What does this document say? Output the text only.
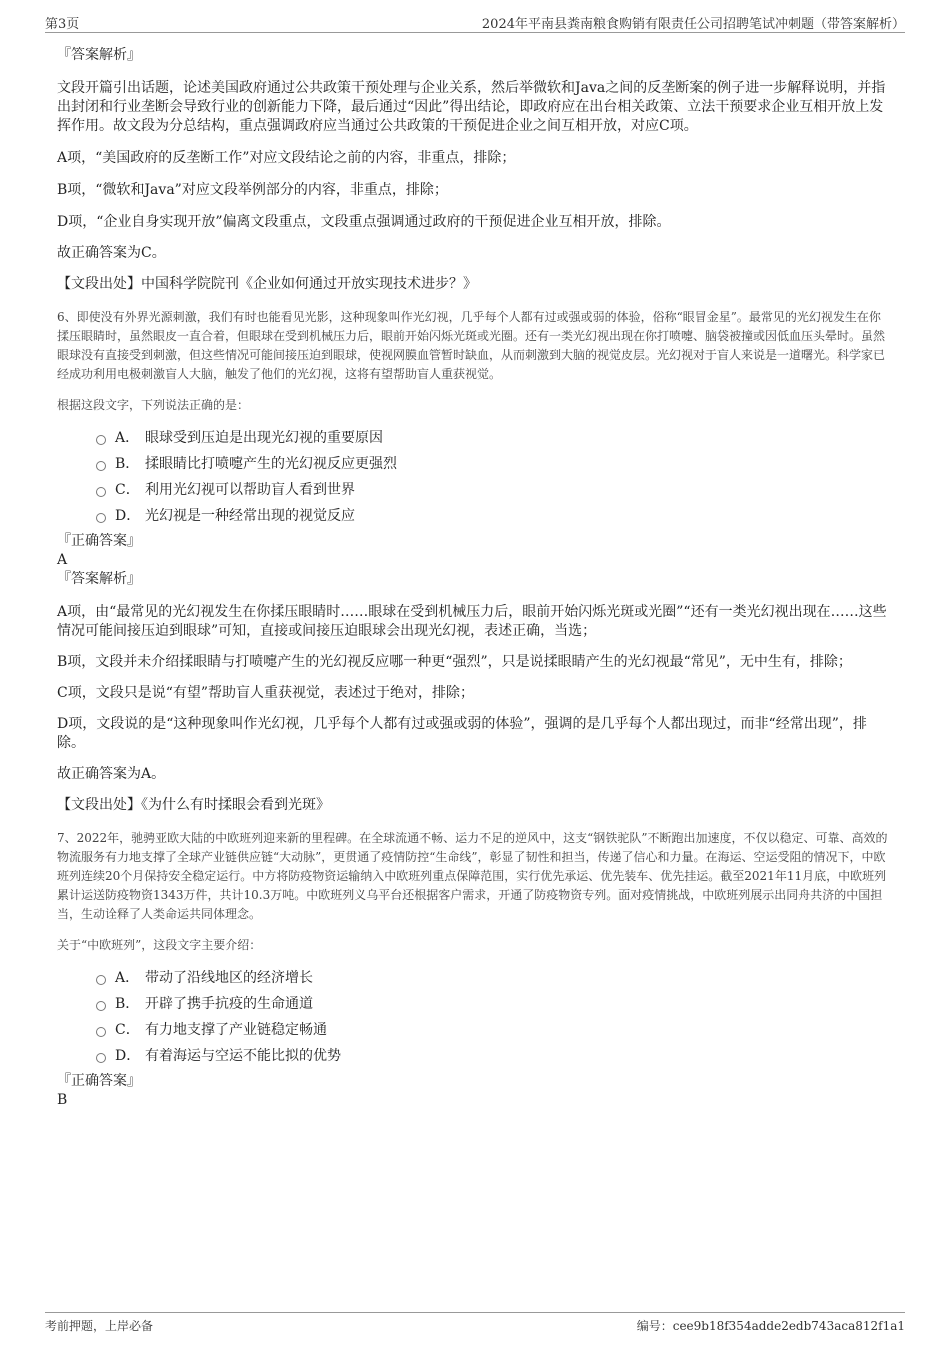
第3页	2024年平南县粪南粮食购销有限责任公司招聘笔试冲刺题（带答案解析）

『答案解析』

文段开篇引出话题，论述美国政府通过公共政策干预处理与企业关系，然后举微软和Java之间的反垄断案的例子进一步解释说明，并指出封闭和行业垄断会导致行业的创新能力下降，最后通过“因此”得出结论，即政府应在出台相关政策、立法干预要求企业互相开放上发挥作用。故文段为分总结构，重点强调政府应当通过公共政策的干预促进企业之间互相开放，对应C项。

A项，“美国政府的反垄断工作”对应文段结论之前的内容，非重点，排除；

B项，“微软和Java”对应文段举例部分的内容，非重点，排除；

D项，“企业自身实现开放”偏离文段重点，文段重点强调通过政府的干预促进企业互相开放，排除。

故正确答案为C。

【文段出处】中国科学院院刊《企业如何通过开放实现技术进步？》

6、即使没有外界光源刺激，我们有时也能看见光影，这种现象叫作光幻视，几乎每个人都有过或强或弱的体验，俗称“眼冒金星”。最常见的光幻视发生在你揉压眼睛时，虽然眼皮一直合着，但眼球在受到机械压力后，眼前开始闪烁光斑或光圈。还有一类光幻视出现在你打喷嚏、脑袋被撞或因低血压头晕时。虽然眼球没有直接受到刺激，但这些情况可能间接压迫到眼球，使视网膜血管暂时缺血，从而刺激到大脑的视觉皮层。光幻视对于盲人来说是一道曙光。科学家已经成功利用电极刺激盲人大脑，触发了他们的光幻视，这将有望帮助盲人重获视觉。

根据这段文字，下列说法正确的是：

A． 眼球受到压迫是出现光幻视的重要原因
B． 揉眼睛比打喷嚏产生的光幻视反应更强烈
C． 利用光幻视可以帮助盲人看到世界
D． 光幻视是一种经常出现的视觉反应

『正确答案』

A

『答案解析』

A项，由“最常见的光幻视发生在你揉压眼睛时……眼球在受到机械压力后，眼前开始闪烁光斑或光圈”“还有一类光幻视出现在……这些情况可能间接压迫到眼球”可知，直接或间接压迫眼球会出现光幻视，表述正确，当选；

B项，文段并未介绍揉眼睛与打喷嚏产生的光幻视反应哪一种更“强烈”，只是说揉眼睛产生的光幻视最“常见”，无中生有，排除；

C项，文段只是说“有望”帮助盲人重获视觉，表述过于绝对，排除；

D项，文段说的是“这种现象叫作光幻视，几乎每个人都有过或强或弱的体验”，强调的是几乎每个人都出现过，而非“经常出现”，排除。

故正确答案为A。

【文段出处】《为什么有时揉眼会看到光斑》

7、2022年，驰骋亚欧大陆的中欧班列迎来新的里程碑。在全球流通不畅、运力不足的逆风中，这支“钢铁驼队”不断跑出加速度，不仅以稳定、可靠、高效的物流服务有力地支撑了全球产业链供应链“大动脉”，更贯通了疫情防控“生命线”，彰显了韧性和担当，传递了信心和力量。在海运、空运受阻的情况下，中欧班列连续20个月保持安全稳定运行。中方将防疫物资运输纳入中欧班列重点保障范围，实行优先承运、优先装车、优先挂运。截至2021年11月底，中欧班列累计运送防疫物资1343万件，共计10.3万吨。中欧班列义乌平台还根据客户需求，开通了防疫物资专列。面对疫情挑战，中欧班列展示出同舟共济的中国担当，生动诠释了人类命运共同体理念。

关于“中欧班列”，这段文字主要介绍：

A． 带动了沿线地区的经济增长
B． 开辟了携手抗疫的生命通道
C． 有力地支撑了产业链稳定畅通
D． 有着海运与空运不能比拟的优势

『正确答案』

B

考前押题，上岸必备	编号：cee9b18f354adde2edb743aca812f1a1
